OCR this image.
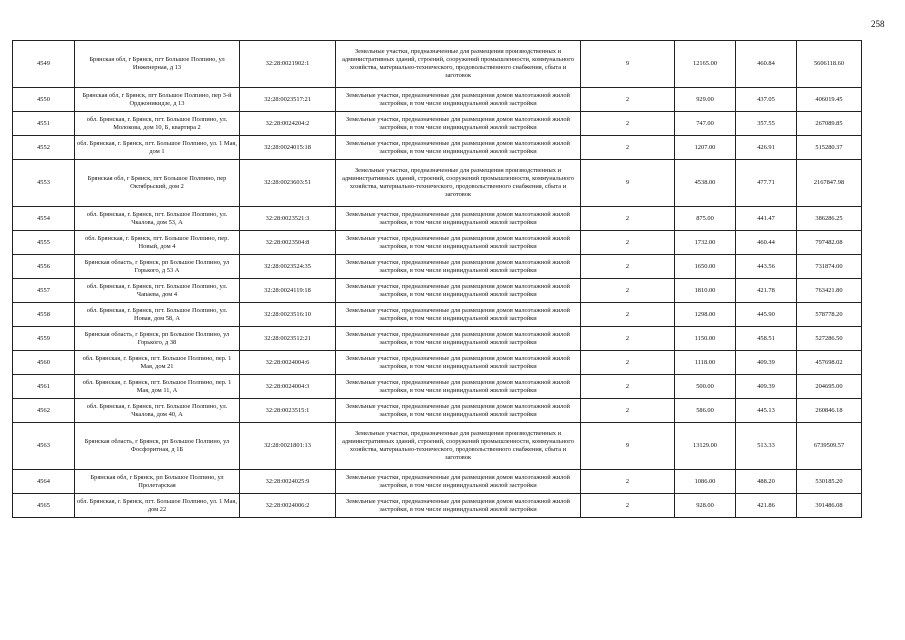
258
4549	Брянская обл, г Брянск, пгт Большое Полпино, ул Инженерная, д 13	32:28:0021902:1	Земельные участки, предназначенные для размещения производственных и административных зданий, строений, сооружений промышленности, коммунального хозяйства, материально-технического, продовольственного снабжения, сбыта и заготовок	9	12165.00	460.84	5606118.60
4550	Брянская обл, г Брянск, пгт Большое Полпино, пер 3-й Орджоникидзе, д 13	32:28:0023517:21	Земельные участки, предназначенные для размещения домов малоэтажной жилой застройки, в том числе индивидуальной жилой застройки	2	929.00	437.05	406019.45
4551	обл. Брянская, г. Брянск, пгт. Большое Полпино, ул. Молокова, дом 10, Б, квартира 2	32:28:0024204:2	Земельные участки, предназначенные для размещения домов малоэтажной жилой застройки, в том числе индивидуальной жилой застройки	2	747.00	357.55	267089.85
4552	обл. Брянская, г. Брянск, пгт. Большое Полпино, ул. 1 Мая, дом 1	32:28:0024015:18	Земельные участки, предназначенные для размещения домов малоэтажной жилой застройки, в том числе индивидуальной жилой застройки	2	1207.00	426.91	515280.37
4553	Брянская обл, г Брянск, пгт Большое Полпино, пер Октябрьский, дом 2	32:28:0023603:51	Земельные участки, предназначенные для размещения производственных и административных зданий, строений, сооружений промышленности, коммунального хозяйства, материально-технического, продовольственного снабжения, сбыта и заготовок	9	4538.00	477.71	2167847.98
4554	обл. Брянская, г. Брянск, пгт. Большое Полпино, ул. Чкалова, дом 53, А	32:28:0023521:3	Земельные участки, предназначенные для размещения домов малоэтажной жилой застройки, в том числе индивидуальной жилой застройки	2	875.00	441.47	386286.25
4555	обл. Брянская, г. Брянск, пгт. Большое Полпино, пер. Новый, дом 4	32:28:0023504:8	Земельные участки, предназначенные для размещения домов малоэтажной жилой застройки, в том числе индивидуальной жилой застройки	2	1732.00	460.44	797482.08
4556	Брянская область, г Брянск, рп Большое Полпино, ул Горького, д 53 А	32:28:0023524:35	Земельные участки, предназначенные для размещения домов малоэтажной жилой застройки, в том числе индивидуальной жилой застройки	2	1650.00	443.56	731874.00
4557	обл. Брянская, г. Брянск, пгт. Большое Полпино, ул. Чапаева, дом 4	32:28:0024119:18	Земельные участки, предназначенные для размещения домов малоэтажной жилой застройки, в том числе индивидуальной жилой застройки	2	1810.00	421.78	763421.80
4558	обл. Брянская, г. Брянск, пгт. Большое Полпино, ул. Новая, дом 58, А	32:28:0023516:10	Земельные участки, предназначенные для размещения домов малоэтажной жилой застройки, в том числе индивидуальной жилой застройки	2	1298.00	445.90	578778.20
4559	Брянская область, г Брянск, рп Большое Полпино, ул Горького, д 38	32:28:0023512:21	Земельные участки, предназначенные для размещения домов малоэтажной жилой застройки, в том числе индивидуальной жилой застройки	2	1150.00	458.51	527286.50
4560	обл. Брянская, г. Брянск, пгт. Большое Полпино, пер. 1 Мая, дом 21	32:28:0024004:6	Земельные участки, предназначенные для размещения домов малоэтажной жилой застройки, в том числе индивидуальной жилой застройки	2	1118.00	409.39	457698.02
4561	обл. Брянская, г. Брянск, пгт. Большое Полпино, пер. 1 Мая, дом 11, А	32:28:0024004:3	Земельные участки, предназначенные для размещения домов малоэтажной жилой застройки, в том числе индивидуальной жилой застройки	2	500.00	409.39	204695.00
4562	обл. Брянская, г. Брянск, пгт. Большое Полпино, ул. Чкалова, дом 40, А	32:28:0023515:1	Земельные участки, предназначенные для размещения домов малоэтажной жилой застройки, в том числе индивидуальной жилой застройки	2	586.00	445.13	260846.18
4563	Брянская область, г Брянск, рп Большое Полпино, ул Фосфоритная, д 1Б	32:28:0021801:13	Земельные участки, предназначенные для размещения производственных и административных зданий, строений, сооружений промышленности, коммунального хозяйства, материально-технического, продовольственного снабжения, сбыта и заготовок	9	13129.00	513.33	6739509.57
4564	Брянская обл, г Брянск, рп Большое Полпино, ул Пролетарская	32:28:0024025:9	Земельные участки, предназначенные для размещения домов малоэтажной жилой застройки, в том числе индивидуальной жилой застройки	2	1086.00	488.20	530185.20
4565	обл. Брянская, г. Брянск, пгт. Большое Полпино, ул. 1 Мая, дом 22	32:28:0024006:2	Земельные участки, предназначенные для размещения домов малоэтажной жилой застройки, в том числе индивидуальной жилой застройки	2	928.00	421.86	391486.08
